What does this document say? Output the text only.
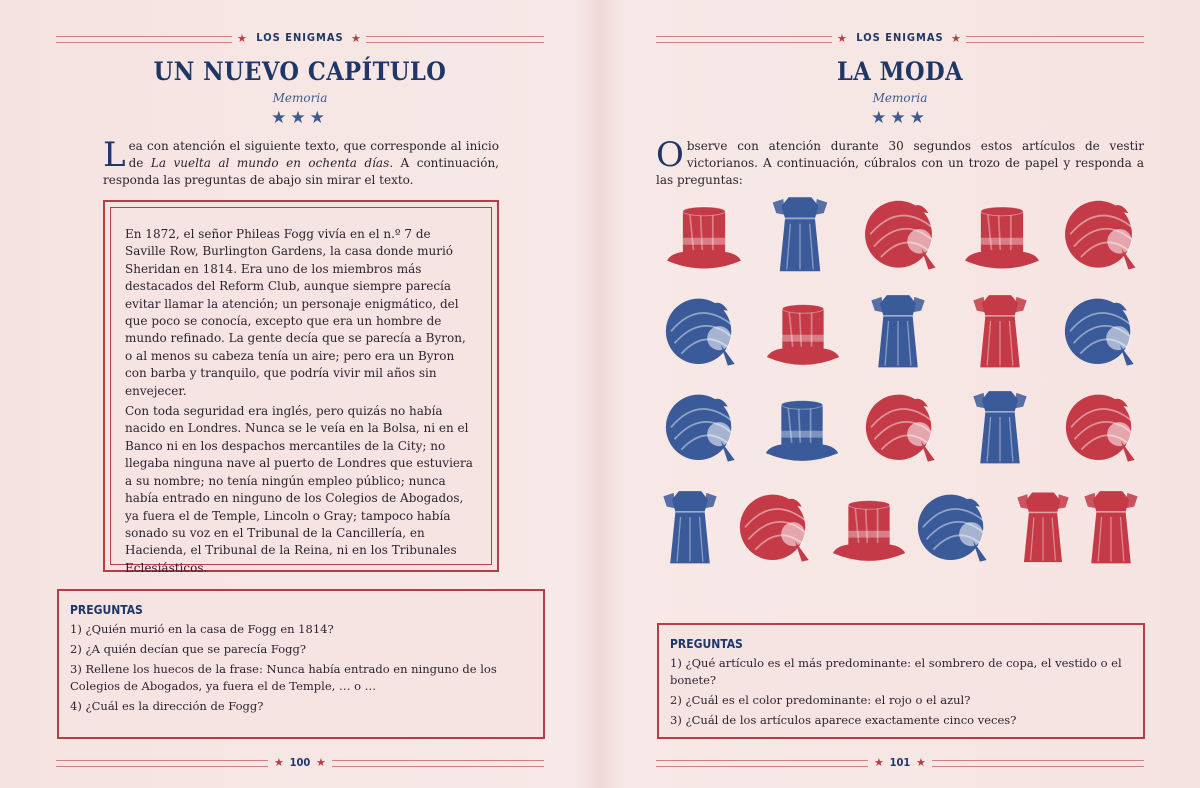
★ LOS ENIGMAS ★
UN NUEVO CAPÍTULO
Memoria
★★★
Lea con atención el siguiente texto, que corresponde al inicio de La vuelta al mundo en ochenta días. A continuación, responda las preguntas de abajo sin mirar el texto.

En 1872, el señor Phileas Fogg vivía en el n.º 7 de Saville Row, Burlington Gardens, la casa donde murió Sheridan en 1814. Era uno de los miembros más destacados del Reform Club, aunque siempre parecía evitar llamar la atención; un personaje enigmático, del que poco se conocía, excepto que era un hombre de mundo refinado. La gente decía que se parecía a Byron, o al menos su cabeza tenía un aire; pero era un Byron con barba y tranquilo, que podría vivir mil años sin envejecer.

Con toda seguridad era inglés, pero quizás no había nacido en Londres. Nunca se le veía en la Bolsa, ni en el Banco ni en los despachos mercantiles de la City; no llegaba ninguna nave al puerto de Londres que estuviera a su nombre; no tenía ningún empleo público; nunca había entrado en ninguno de los Colegios de Abogados, ya fuera el de Temple, Lincoln o Gray; tampoco había sonado su voz en el Tribunal de la Cancillería, en Hacienda, el Tribunal de la Reina, ni en los Tribunales Eclesiásticos.

PREGUNTAS
1) ¿Quién murió en la casa de Fogg en 1814?
2) ¿A quién decían que se parecía Fogg?
3) Rellene los huecos de la frase: Nunca había entrado en ninguno de los Colegios de Abogados, ya fuera el de Temple, … o …
4) ¿Cuál es la dirección de Fogg?
★ 100 ★
★ LOS ENIGMAS ★
LA MODA
Memoria
★★★
Observe con atención durante 30 segundos estos artículos de vestir victorianos. A continuación, cúbralos con un trozo de papel y responda a las preguntas:
PREGUNTAS
1) ¿Qué artículo es el más predominante: el sombrero de copa, el vestido o el bonete?
2) ¿Cuál es el color predominante: el rojo o el azul?
3) ¿Cuál de los artículos aparece exactamente cinco veces?
★ 101 ★
